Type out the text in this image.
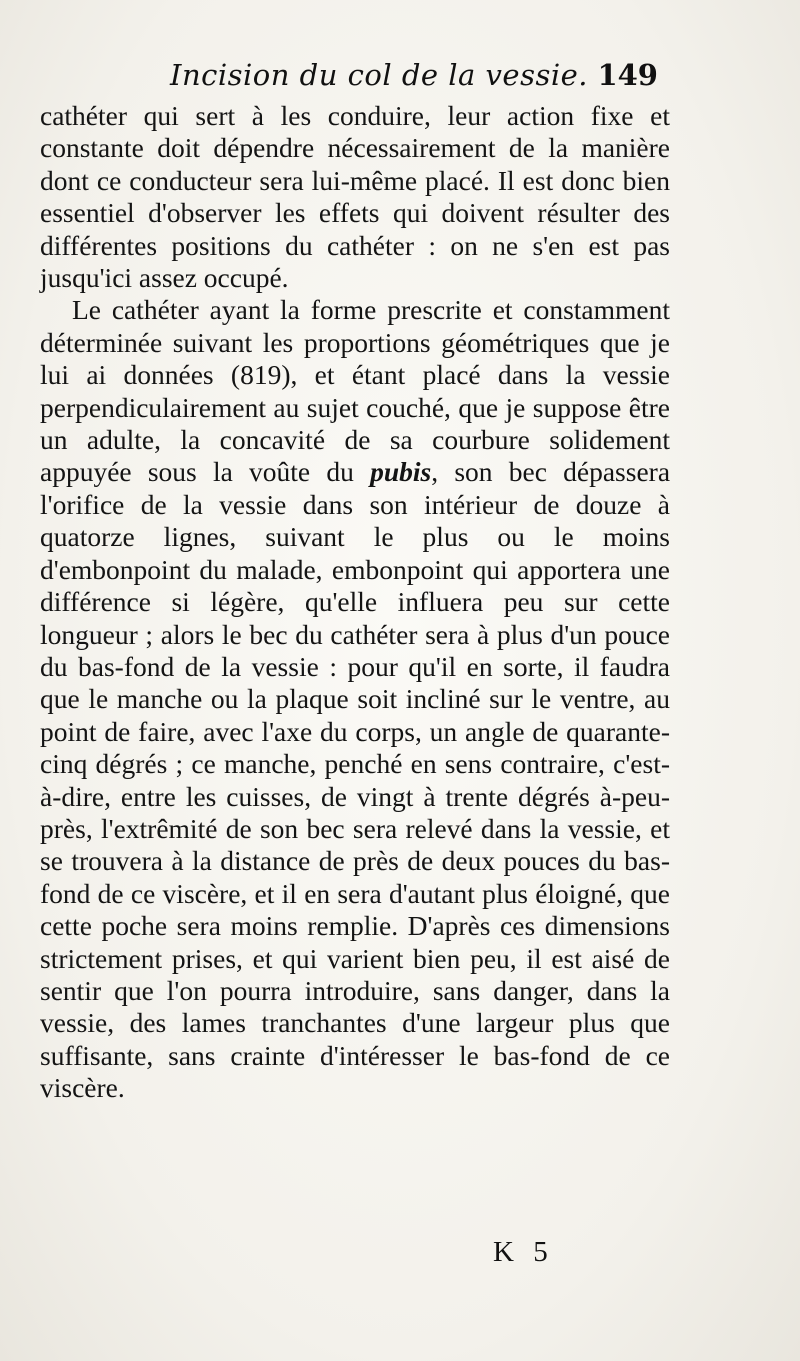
Incision du col de la vessie. 149

cathéter qui sert à les conduire, leur action fixe et constante doit dépendre nécessairement de la manière dont ce conducteur sera lui-même placé. Il est donc bien essentiel d'observer les effets qui doivent résulter des différentes positions du cathéter : on ne s'en est pas jusqu'ici assez occupé.

Le cathéter ayant la forme prescrite et constamment déterminée suivant les proportions géométriques que je lui ai données (819), et étant placé dans la vessie perpendiculairement au sujet couché, que je suppose être un adulte, la concavité de sa courbure solidement appuyée sous la voûte du pubis, son bec dépassera l'orifice de la vessie dans son intérieur de douze à quatorze lignes, suivant le plus ou le moins d'embonpoint du malade, embonpoint qui apportera une différence si légère, qu'elle influera peu sur cette longueur ; alors le bec du cathéter sera à plus d'un pouce du bas-fond de la vessie : pour qu'il en sorte, il faudra que le manche ou la plaque soit incliné sur le ventre, au point de faire, avec l'axe du corps, un angle de quarante-cinq dégrés ; ce manche, penché en sens contraire, c'est-à-dire, entre les cuisses, de vingt à trente dégrés à-peu-près, l'extrêmité de son bec sera relevé dans la vessie, et se trouvera à la distance de près de deux pouces du bas-fond de ce viscère, et il en sera d'autant plus éloigné, que cette poche sera moins remplie. D'après ces dimensions strictement prises, et qui varient bien peu, il est aisé de sentir que l'on pourra introduire, sans danger, dans la vessie, des lames tranchantes d'une largeur plus que suffisante, sans crainte d'intéresser le bas-fond de ce viscère.

K 5
